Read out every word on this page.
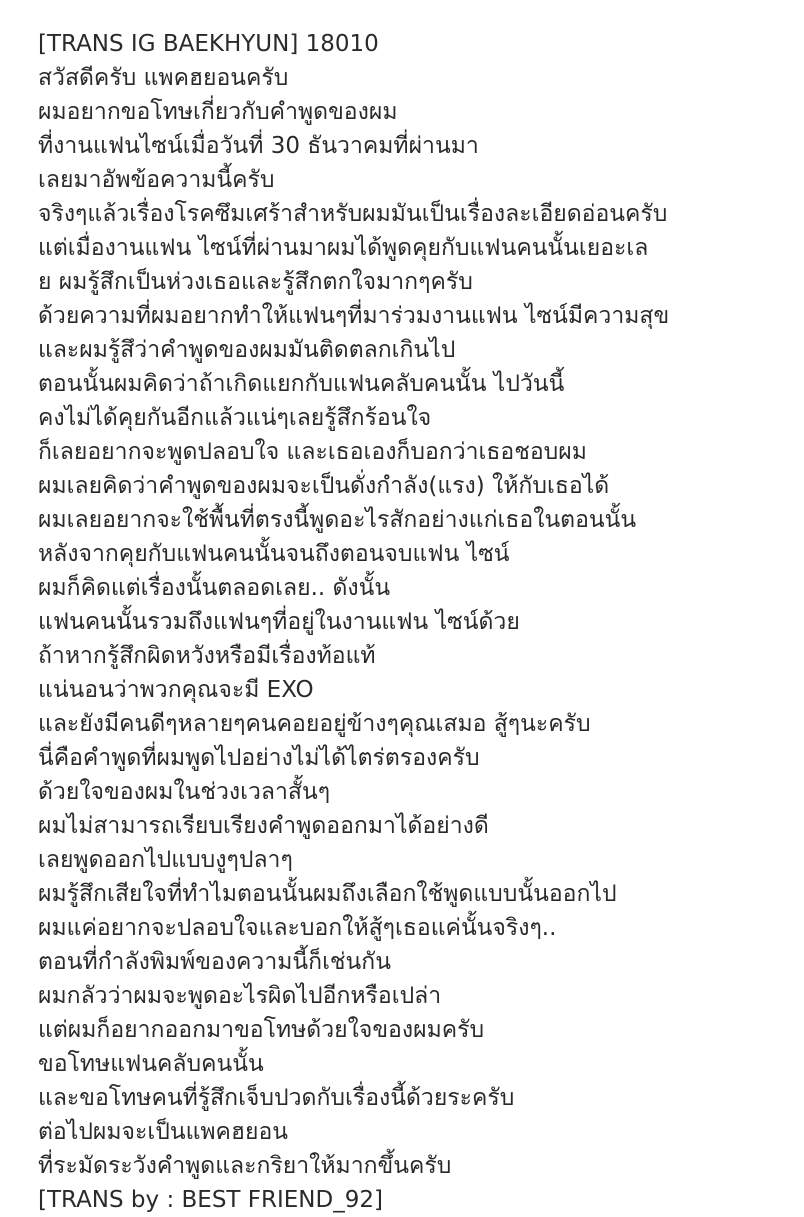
[TRANS IG BAEKHYUN] 18010
สวัสดีครับ แพคฮยอนครับ
ผมอยากขอโทษเกี่ยวกับคำพูดของผม
ที่งานแฟนไซน์เมื่อวันที่ 30 ธันวาคมที่ผ่านมา
เลยมาอัพข้อความนี้ครับ
จริงๆแล้วเรื่องโรคซึมเศร้าสำหรับผมมันเป็นเรื่องละเอียดอ่อนครับ
แต่เมื่องานแฟน ไซน์ที่ผ่านมาผมได้พูดคุยกับแฟนคนนั้นเยอะเล
ย ผมรู้สึกเป็นห่วงเธอและรู้สึกตกใจมากๆครับ
ด้วยความที่ผมอยากทำให้แฟนๆที่มาร่วมงานแฟน ไซน์มีความสุข
และผมรู้สึว่าคำพูดของผมมันติดตลกเกินไป
ตอนนั้นผมคิดว่าถ้าเกิดแยกกับแฟนคลับคนนั้น ไปวันนี้
คงไม่ได้คุยกันอีกแล้วแน่ๆเลยรู้สึกร้อนใจ
ก็เลยอยากจะพูดปลอบใจ และเธอเองก็บอกว่าเธอชอบผม
ผมเลยคิดว่าคำพูดของผมจะเป็นดั่งกำลัง(แรง) ให้กับเธอได้
ผมเลยอยากจะใช้พื้นที่ตรงนี้พูดอะไรสักอย่างแก่เธอในตอนนั้น
หลังจากคุยกับแฟนคนนั้นจนถึงตอนจบแฟน ไซน์
ผมก็คิดแต่เรื่องนั้นตลอดเลย.. ดังนั้น
แฟนคนนั้นรวมถึงแฟนๆที่อยู่ในงานแฟน ไซน์ด้วย
ถ้าหากรู้สึกผิดหวังหรือมีเรื่องท้อแท้
แน่นอนว่าพวกคุณจะมี EXO
และยังมีคนดีๆหลายๆคนคอยอยู่ข้างๆคุณเสมอ สู้ๆนะครับ
นี่คือคำพูดที่ผมพูดไปอย่างไม่ได้ไตร่ตรองครับ
ด้วยใจของผมในช่วงเวลาสั้นๆ
ผมไม่สามารถเรียบเรียงคำพูดออกมาได้อย่างดี
เลยพูดออกไปแบบงูๆปลาๆ
ผมรู้สึกเสียใจที่ทำไมตอนนั้นผมถึงเลือกใช้พูดแบบนั้นออกไป
ผมแค่อยากจะปลอบใจและบอกให้สู้ๆเธอแค่นั้นจริงๆ..
ตอนที่กำลังพิมพ์ของความนี้ก็เช่นกัน
ผมกลัวว่าผมจะพูดอะไรผิดไปอีกหรือเปล่า
แต่ผมก็อยากออกมาขอโทษด้วยใจของผมครับ
ขอโทษแฟนคลับคนนั้น
และขอโทษคนที่รู้สึกเจ็บปวดกับเรื่องนี้ด้วยระครับ
ต่อไปผมจะเป็นแพคฮยอน
ที่ระมัดระวังคำพูดและกริยาให้มากขึ้นครับ
[TRANS by : BEST FRIEND_92]
